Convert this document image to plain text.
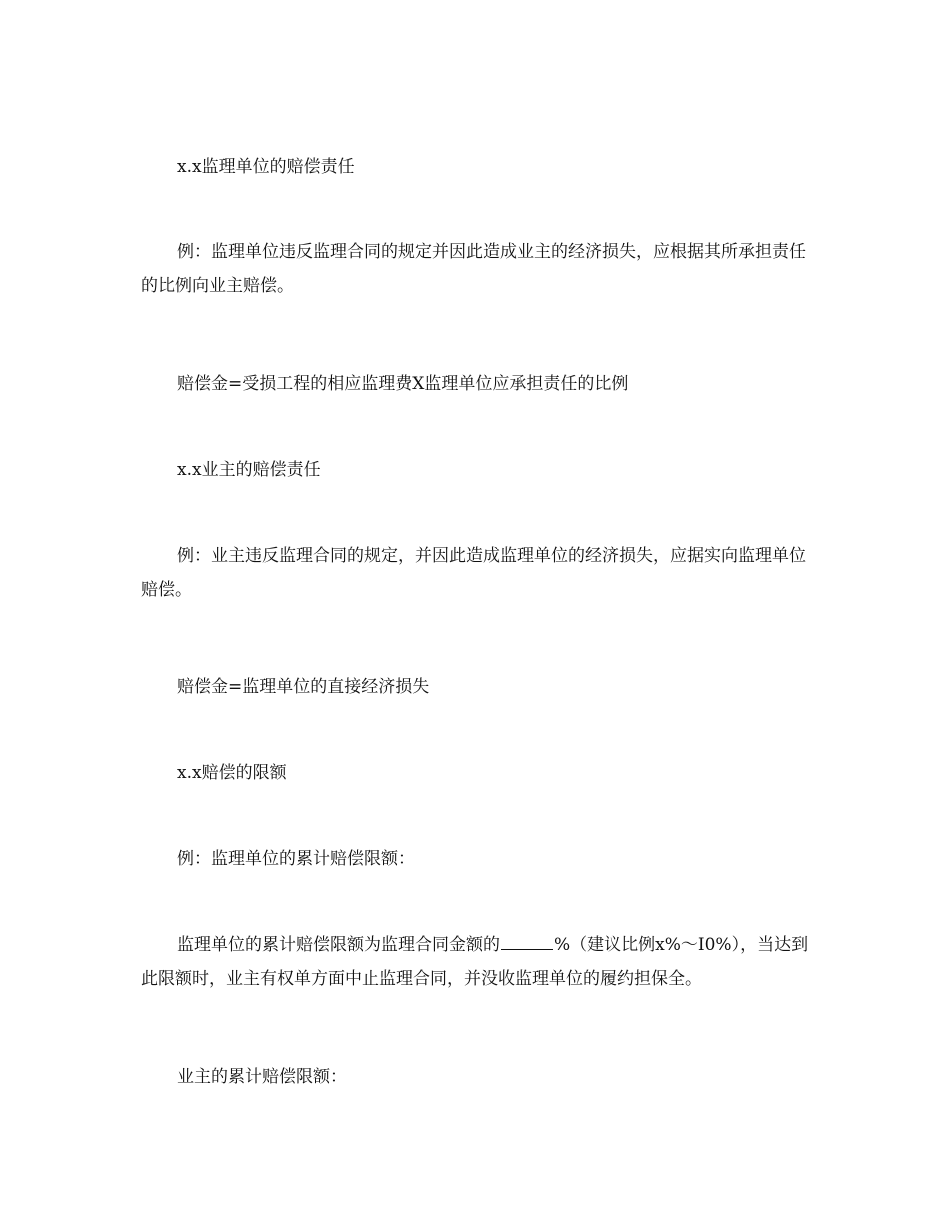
x.x监理单位的赔偿责任

例：监理单位违反监理合同的规定并因此造成业主的经济损失，应根据其所承担责任的比例向业主赔偿。

赔偿金=受损工程的相应监理费X监理单位应承担责任的比例

x.x业主的赔偿责任

例：业主违反监理合同的规定，并因此造成监理单位的经济损失，应据实向监理单位赔偿。

赔偿金=监理单位的直接经济损失

x.x赔偿的限额

例：监理单位的累计赔偿限额：

监理单位的累计赔偿限额为监理合同金额的	%（建议比例x%～I0%），当达到此限额时，业主有权单方面中止监理合同，并没收监理单位的履约担保全。

业主的累计赔偿限额：
